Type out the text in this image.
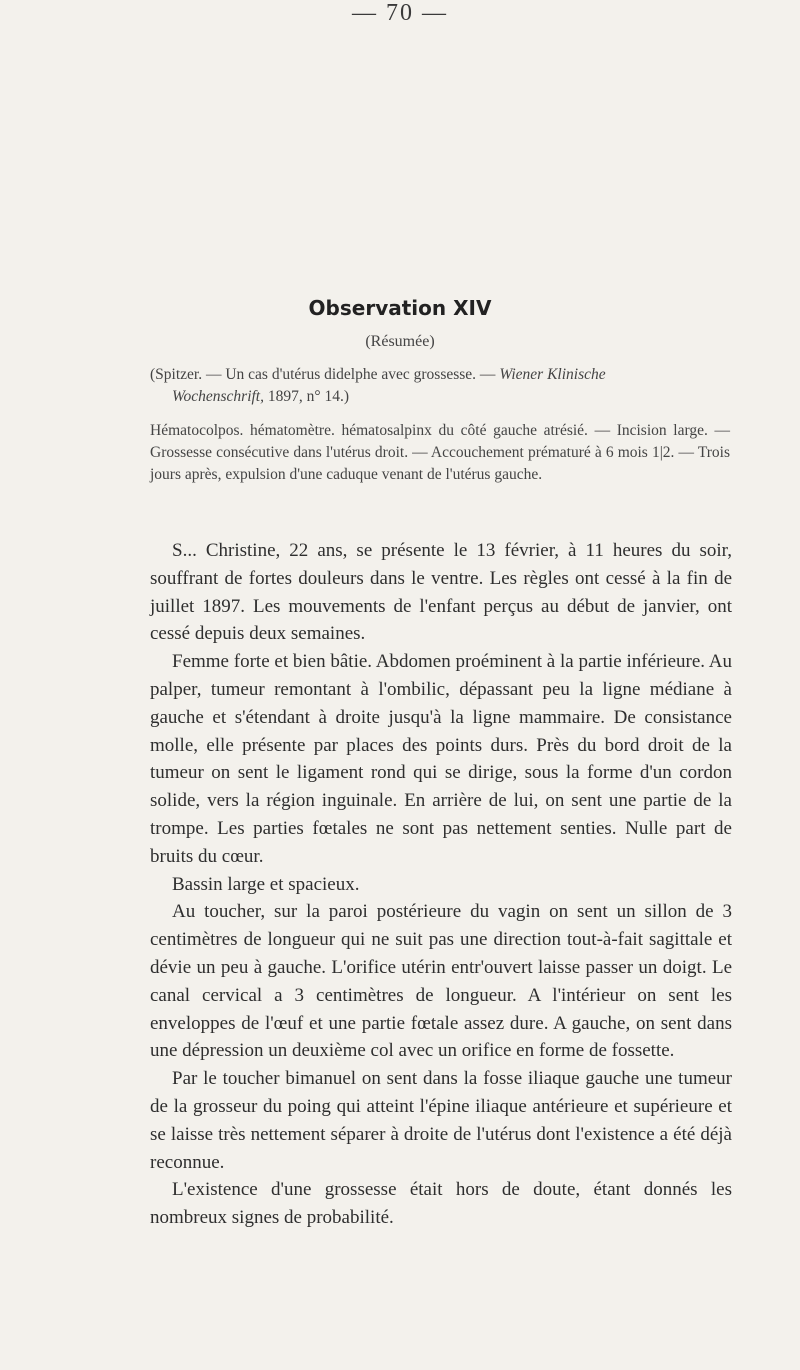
— 70 —
Observation XIV
(Résumée)
(Spitzer. — Un cas d'utérus didelphe avec grossesse. — Wiener Klinische
Wochenschrift, 1897, n° 14.)
Hématocolpos. hématomètre. hématosalpinx du côté gauche atrésié. — Incision large. — Grossesse consécutive dans l'utérus droit. — Accouchement prématuré à 6 mois 1|2. — Trois jours après, expulsion d'une caduque venant de l'utérus gauche.

S... Christine, 22 ans, se présente le 13 février, à 11 heures du soir, souffrant de fortes douleurs dans le ventre. Les règles ont cessé à la fin de juillet 1897. Les mouvements de l'enfant perçus au début de janvier, ont cessé depuis deux semaines.

Femme forte et bien bâtie. Abdomen proéminent à la partie inférieure. Au palper, tumeur remontant à l'ombilic, dépassant peu la ligne médiane à gauche et s'étendant à droite jusqu'à la ligne mammaire. De consistance molle, elle présente par places des points durs. Près du bord droit de la tumeur on sent le ligament rond qui se dirige, sous la forme d'un cordon solide, vers la région inguinale. En arrière de lui, on sent une partie de la trompe. Les parties fœtales ne sont pas nettement senties. Nulle part de bruits du cœur.

Bassin large et spacieux.

Au toucher, sur la paroi postérieure du vagin on sent un sillon de 3 centimètres de longueur qui ne suit pas une direction tout-à-fait sagittale et dévie un peu à gauche. L'orifice utérin entr'ouvert laisse passer un doigt. Le canal cervical a 3 centimètres de longueur. A l'intérieur on sent les enveloppes de l'œuf et une partie fœtale assez dure. A gauche, on sent dans une dépression un deuxième col avec un orifice en forme de fossette.

Par le toucher bimanuel on sent dans la fosse iliaque gauche une tumeur de la grosseur du poing qui atteint l'épine iliaque antérieure et supérieure et se laisse très nettement séparer à droite de l'utérus dont l'existence a été déjà reconnue.

L'existence d'une grossesse était hors de doute, étant donnés les nombreux signes de probabilité.
